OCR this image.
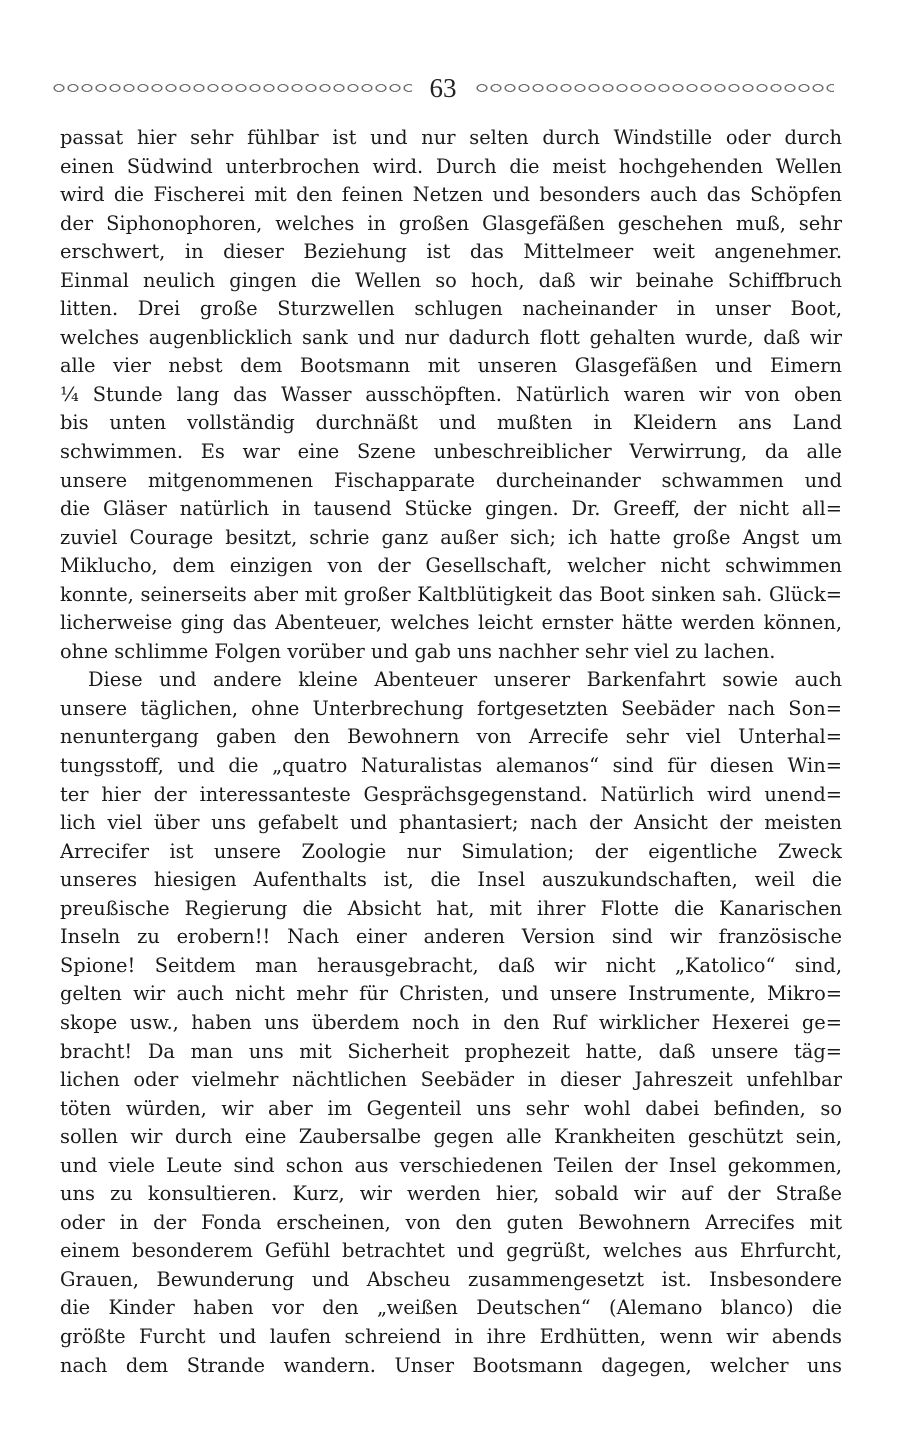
63
passat hier sehr fühlbar ist und nur selten durch Windstille oder durch
einen Südwind unterbrochen wird. Durch die meist hochgehenden Wellen
wird die Fischerei mit den feinen Netzen und besonders auch das Schöpfen
der Siphonophoren, welches in großen Glasgefäßen geschehen muß, sehr
erschwert, in dieser Beziehung ist das Mittelmeer weit angenehmer.
Einmal neulich gingen die Wellen so hoch, daß wir beinahe Schiffbruch
litten. Drei große Sturzwellen schlugen nacheinander in unser Boot,
welches augenblicklich sank und nur dadurch flott gehalten wurde, daß wir
alle vier nebst dem Bootsmann mit unseren Glasgefäßen und Eimern
¼ Stunde lang das Wasser ausschöpften. Natürlich waren wir von oben
bis unten vollständig durchnäßt und mußten in Kleidern ans Land
schwimmen. Es war eine Szene unbeschreiblicher Verwirrung, da alle
unsere mitgenommenen Fischapparate durcheinander schwammen und
die Gläser natürlich in tausend Stücke gingen. Dr. Greeff, der nicht all=
zuviel Courage besitzt, schrie ganz außer sich; ich hatte große Angst um
Miklucho, dem einzigen von der Gesellschaft, welcher nicht schwimmen
konnte, seinerseits aber mit großer Kaltblütigkeit das Boot sinken sah. Glück=
licherweise ging das Abenteuer, welches leicht ernster hätte werden können,
ohne schlimme Folgen vorüber und gab uns nachher sehr viel zu lachen.
Diese und andere kleine Abenteuer unserer Barkenfahrt sowie auch
unsere täglichen, ohne Unterbrechung fortgesetzten Seebäder nach Son=
nenuntergang gaben den Bewohnern von Arrecife sehr viel Unterhal=
tungsstoff, und die „quatro Naturalistas alemanos“ sind für diesen Win=
ter hier der interessanteste Gesprächsgegenstand. Natürlich wird unend=
lich viel über uns gefabelt und phantasiert; nach der Ansicht der meisten
Arrecifer ist unsere Zoologie nur Simulation; der eigentliche Zweck
unseres hiesigen Aufenthalts ist, die Insel auszukundschaften, weil die
preußische Regierung die Absicht hat, mit ihrer Flotte die Kanarischen
Inseln zu erobern!! Nach einer anderen Version sind wir französische
Spione! Seitdem man herausgebracht, daß wir nicht „Katolico“ sind,
gelten wir auch nicht mehr für Christen, und unsere Instrumente, Mikro=
skope usw., haben uns überdem noch in den Ruf wirklicher Hexerei ge=
bracht! Da man uns mit Sicherheit prophezeit hatte, daß unsere täg=
lichen oder vielmehr nächtlichen Seebäder in dieser Jahreszeit unfehlbar
töten würden, wir aber im Gegenteil uns sehr wohl dabei befinden, so
sollen wir durch eine Zaubersalbe gegen alle Krankheiten geschützt sein,
und viele Leute sind schon aus verschiedenen Teilen der Insel gekommen,
uns zu konsultieren. Kurz, wir werden hier, sobald wir auf der Straße
oder in der Fonda erscheinen, von den guten Bewohnern Arrecifes mit
einem besonderem Gefühl betrachtet und gegrüßt, welches aus Ehrfurcht,
Grauen, Bewunderung und Abscheu zusammengesetzt ist. Insbesondere
die Kinder haben vor den „weißen Deutschen“ (Alemano blanco) die
größte Furcht und laufen schreiend in ihre Erdhütten, wenn wir abends
nach dem Strande wandern. Unser Bootsmann dagegen, welcher uns
